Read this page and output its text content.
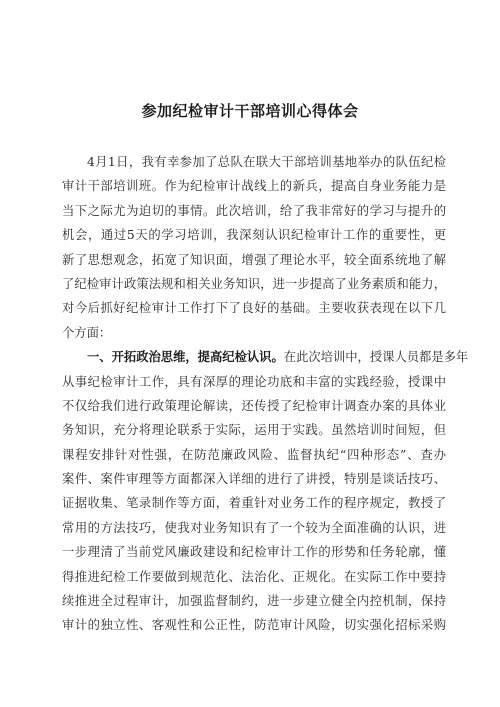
参加纪检审计干部培训心得体会
4月1日，我有幸参加了总队在联大干部培训基地举办的队伍纪检
审计干部培训班。作为纪检审计战线上的新兵，提高自身业务能力是
当下之际尤为迫切的事情。此次培训，给了我非常好的学习与提升的
机会，通过5天的学习培训，我深刻认识纪检审计工作的重要性，更
新了思想观念，拓宽了知识面，增强了理论水平，较全面系统地了解
了纪检审计政策法规和相关业务知识，进一步提高了业务素质和能力，
对今后抓好纪检审计工作打下了良好的基础。主要收获表现在以下几
个方面：
一、开拓政治思维，提高纪检认识。在此次培训中，授课人员都是多年
从事纪检审计工作，具有深厚的理论功底和丰富的实践经验，授课中
不仅给我们进行政策理论解读，还传授了纪检审计调查办案的具体业
务知识，充分将理论联系于实际，运用于实践。虽然培训时间短，但
课程安排针对性强，在防范廉政风险、监督执纪“四种形态”、查办
案件、案件审理等方面都深入详细的进行了讲授，特别是谈话技巧、
证据收集、笔录制作等方面，着重针对业务工作的程序规定，教授了
常用的方法技巧，使我对业务知识有了一个较为全面准确的认识，进
一步理清了当前党风廉政建设和纪检审计工作的形势和任务轮廓，懂
得推进纪检工作要做到规范化、法治化、正规化。在实际工作中要持
续推进全过程审计，加强监督制约，进一步建立健全内控机制，保持
审计的独立性、客观性和公正性，防范审计风险，切实强化招标采购
